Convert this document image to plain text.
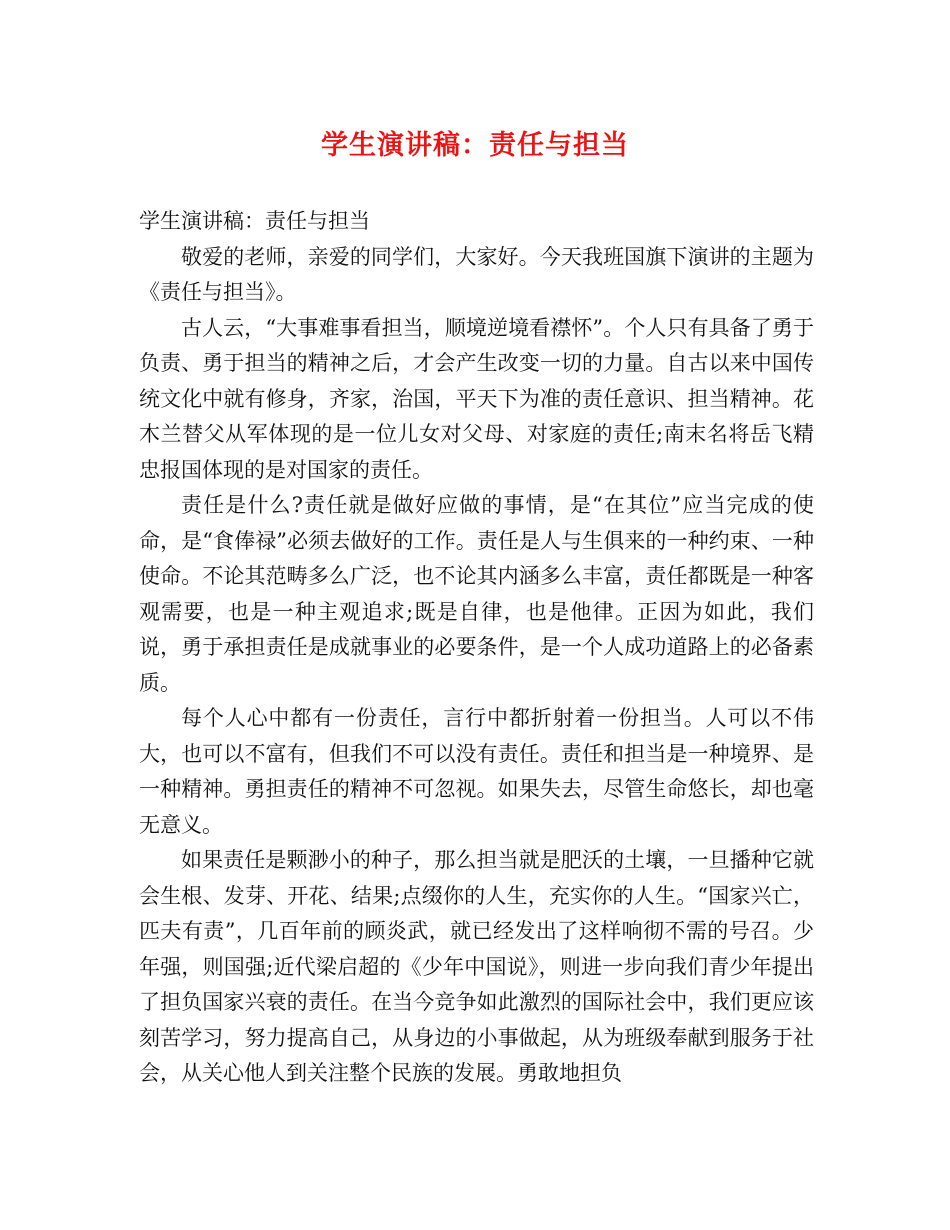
学生演讲稿：责任与担当

学生演讲稿：责任与担当

敬爱的老师，亲爱的同学们，大家好。今天我班国旗下演讲的主题为《责任与担当》。

古人云，“大事难事看担当，顺境逆境看襟怀”。个人只有具备了勇于负责、勇于担当的精神之后，才会产生改变一切的力量。自古以来中国传统文化中就有修身，齐家，治国，平天下为准的责任意识、担当精神。花木兰替父从军体现的是一位儿女对父母、对家庭的责任;南末名将岳飞精忠报国体现的是对国家的责任。

责任是什么?责任就是做好应做的事情，是“在其位”应当完成的使命，是“食俸禄”必须去做好的工作。责任是人与生俱来的一种约束、一种使命。不论其范畴多么广泛，也不论其内涵多么丰富，责任都既是一种客观需要，也是一种主观追求;既是自律，也是他律。正因为如此，我们说，勇于承担责任是成就事业的必要条件，是一个人成功道路上的必备素质。

每个人心中都有一份责任，言行中都折射着一份担当。人可以不伟大，也可以不富有，但我们不可以没有责任。责任和担当是一种境界、是一种精神。勇担责任的精神不可忽视。如果失去，尽管生命悠长，却也毫无意义。

如果责任是颗渺小的种子，那么担当就是肥沃的土壤，一旦播种它就会生根、发芽、开花、结果;点缀你的人生，充实你的人生。“国家兴亡，匹夫有责”，几百年前的顾炎武，就已经发出了这样响彻不需的号召。少年强，则国强;近代梁启超的《少年中国说》，则进一步向我们青少年提出了担负国家兴衰的责任。在当今竞争如此激烈的国际社会中，我们更应该刻苦学习，努力提高自己，从身边的小事做起，从为班级奉献到服务于社会，从关心他人到关注整个民族的发展。勇敢地担负
